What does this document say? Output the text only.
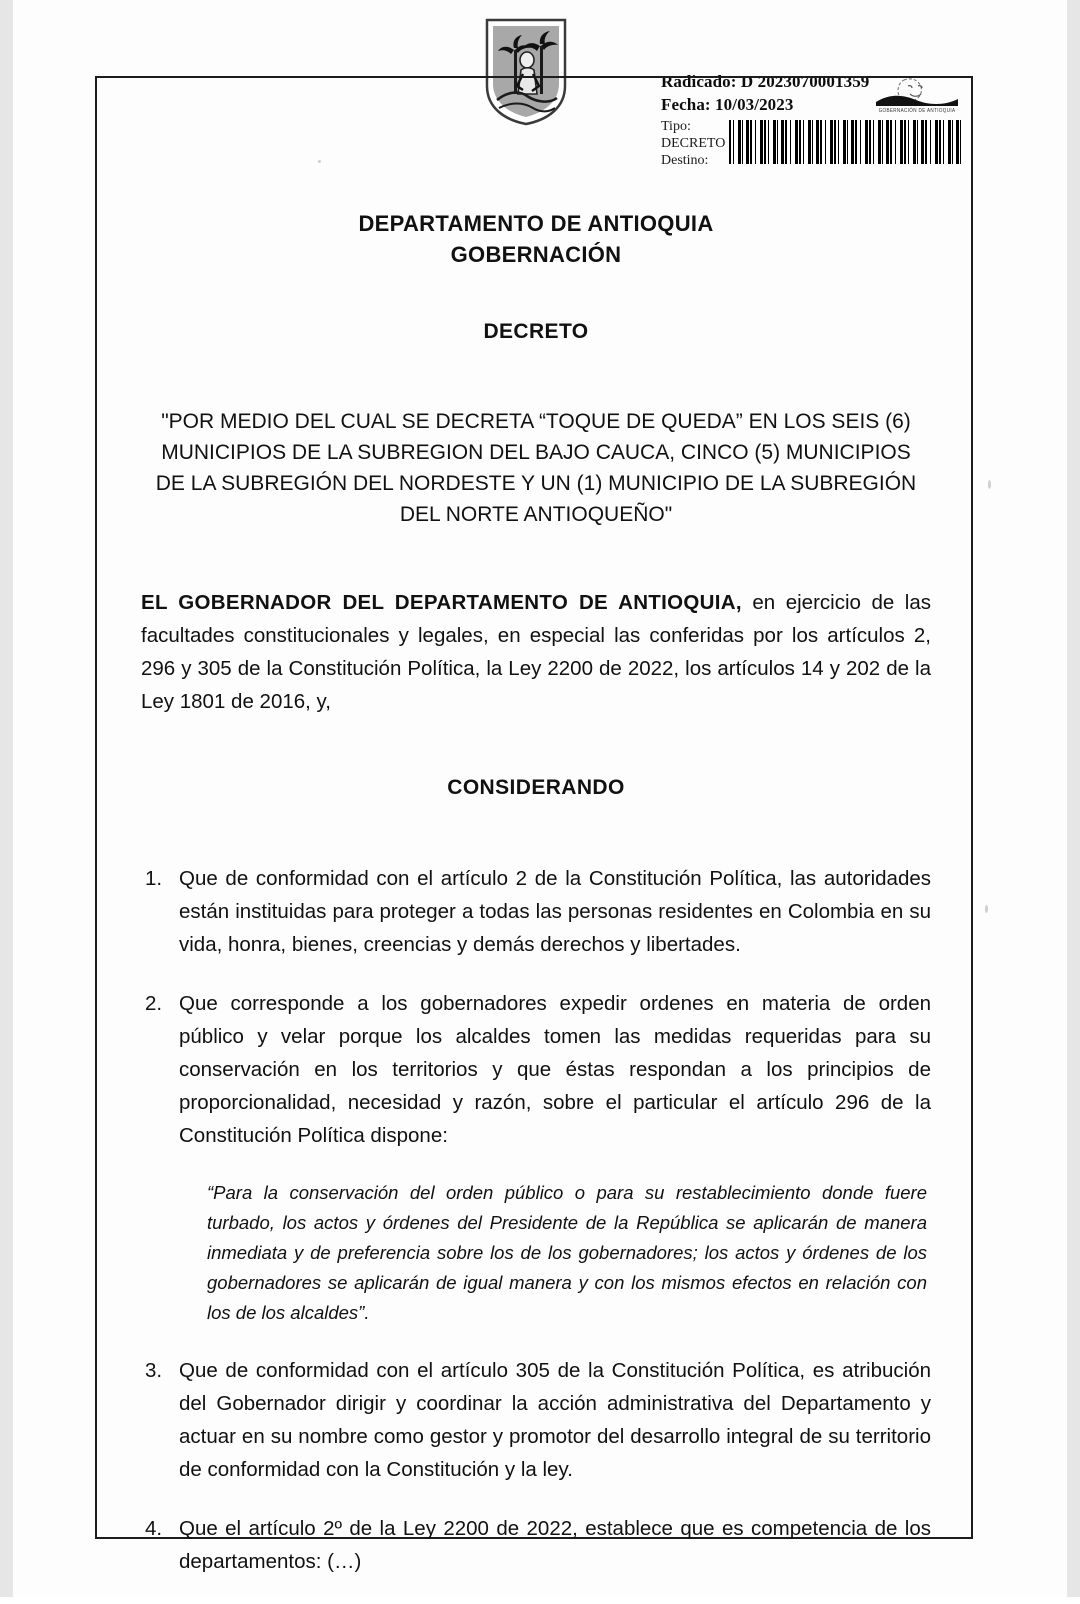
Radicado: D 2023070001359
Fecha: 10/03/2023
Tipo:
DECRETO
Destino:
GOBERNACIÓN DE ANTIOQUIA
DEPARTAMENTO DE ANTIOQUIA
GOBERNACIÓN
DECRETO
"POR MEDIO DEL CUAL SE DECRETA “TOQUE DE QUEDA” EN LOS SEIS (6) MUNICIPIOS DE LA SUBREGION DEL BAJO CAUCA, CINCO (5) MUNICIPIOS DE LA SUBREGIÓN DEL NORDESTE Y UN (1) MUNICIPIO DE LA SUBREGIÓN DEL NORTE ANTIOQUEÑO"
EL GOBERNADOR DEL DEPARTAMENTO DE ANTIOQUIA, en ejercicio de las facultades constitucionales y legales, en especial las conferidas por los artículos 2, 296 y 305 de la Constitución Política, la Ley 2200 de 2022, los artículos 14 y 202 de la Ley 1801 de 2016, y,
CONSIDERANDO
1. Que de conformidad con el artículo 2 de la Constitución Política, las autoridades están instituidas para proteger a todas las personas residentes en Colombia en su vida, honra, bienes, creencias y demás derechos y libertades.
2. Que corresponde a los gobernadores expedir ordenes en materia de orden público y velar porque los alcaldes tomen las medidas requeridas para su conservación en los territorios y que éstas respondan a los principios de proporcionalidad, necesidad y razón, sobre el particular el artículo 296 de la Constitución Política dispone:
“Para la conservación del orden público o para su restablecimiento donde fuere turbado, los actos y órdenes del Presidente de la República se aplicarán de manera inmediata y de preferencia sobre los de los gobernadores; los actos y órdenes de los gobernadores se aplicarán de igual manera y con los mismos efectos en relación con los de los alcaldes”.
3. Que de conformidad con el artículo 305 de la Constitución Política, es atribución del Gobernador dirigir y coordinar la acción administrativa del Departamento y actuar en su nombre como gestor y promotor del desarrollo integral de su territorio de conformidad con la Constitución y la ley.
4. Que el artículo 2º de la Ley 2200 de 2022, establece que es competencia de los departamentos: (…)
